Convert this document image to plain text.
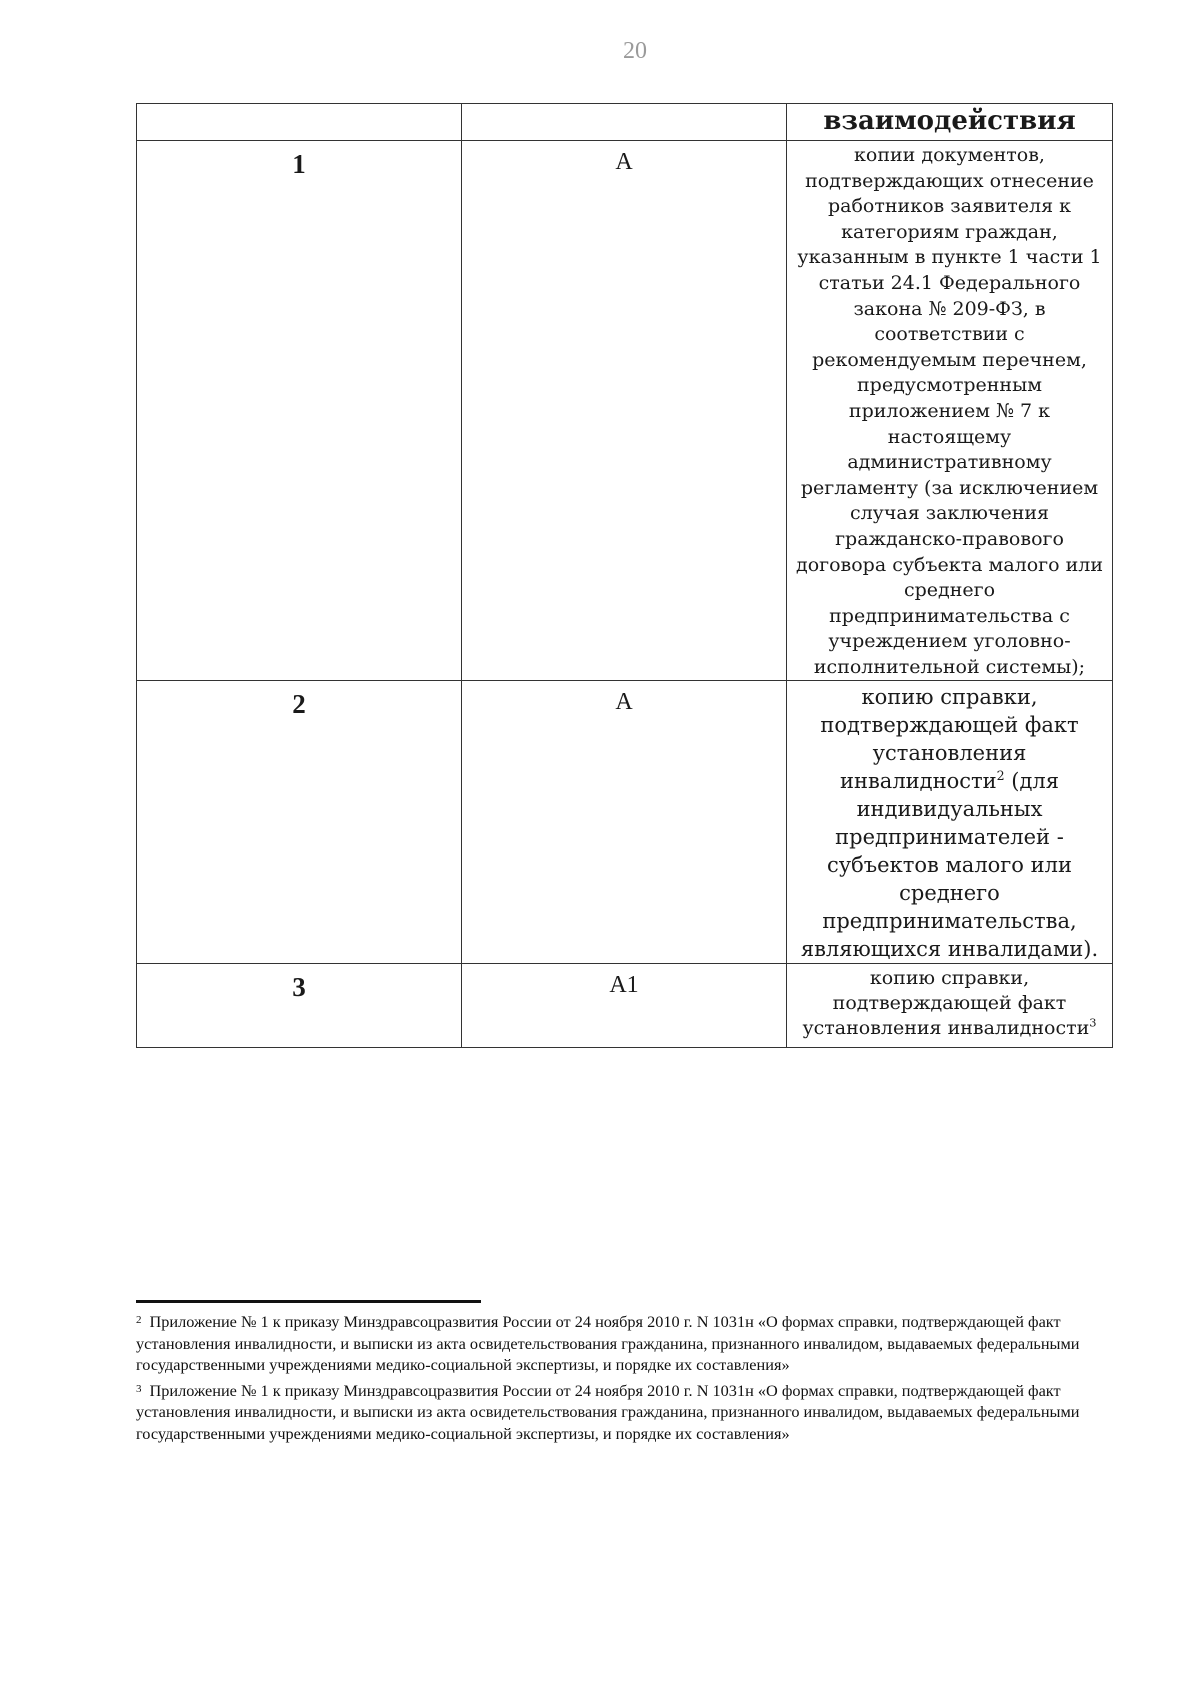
20

		взаимодействия

1	А	копии документов, подтверждающих отнесение работников заявителя к категориям граждан, указанным в пункте 1 части 1 статьи 24.1 Федерального закона № 209-ФЗ, в соответствии с рекомендуемым перечнем, предусмотренным приложением № 7 к настоящему административному регламенту (за исключением случая заключения гражданско-правового договора субъекта малого или среднего предпринимательства с учреждением уголовно-исполнительной системы);
2	А	копию справки, подтверждающей факт установления инвалидности$^2$ (для индивидуальных предпринимателей - субъектов малого или среднего предпринимательства, являющихся инвалидами).
3	А1	копию справки, подтверждающей факт установления инвалидности$^3$

$^2$ Приложение № 1 к приказу Минздравсоцразвития России от 24 ноября 2010 г. N 1031н «О формах справки, подтверждающей факт установления инвалидности, и выписки из акта освидетельствования гражданина, признанного инвалидом, выдаваемых федеральными государственными учреждениями медико-социальной экспертизы, и порядке их составления»

$^3$ Приложение № 1 к приказу Минздравсоцразвития России от 24 ноября 2010 г. N 1031н «О формах справки, подтверждающей факт установления инвалидности, и выписки из акта освидетельствования гражданина, признанного инвалидом, выдаваемых федеральными государственными учреждениями медико-социальной экспертизы, и порядке их составления»
